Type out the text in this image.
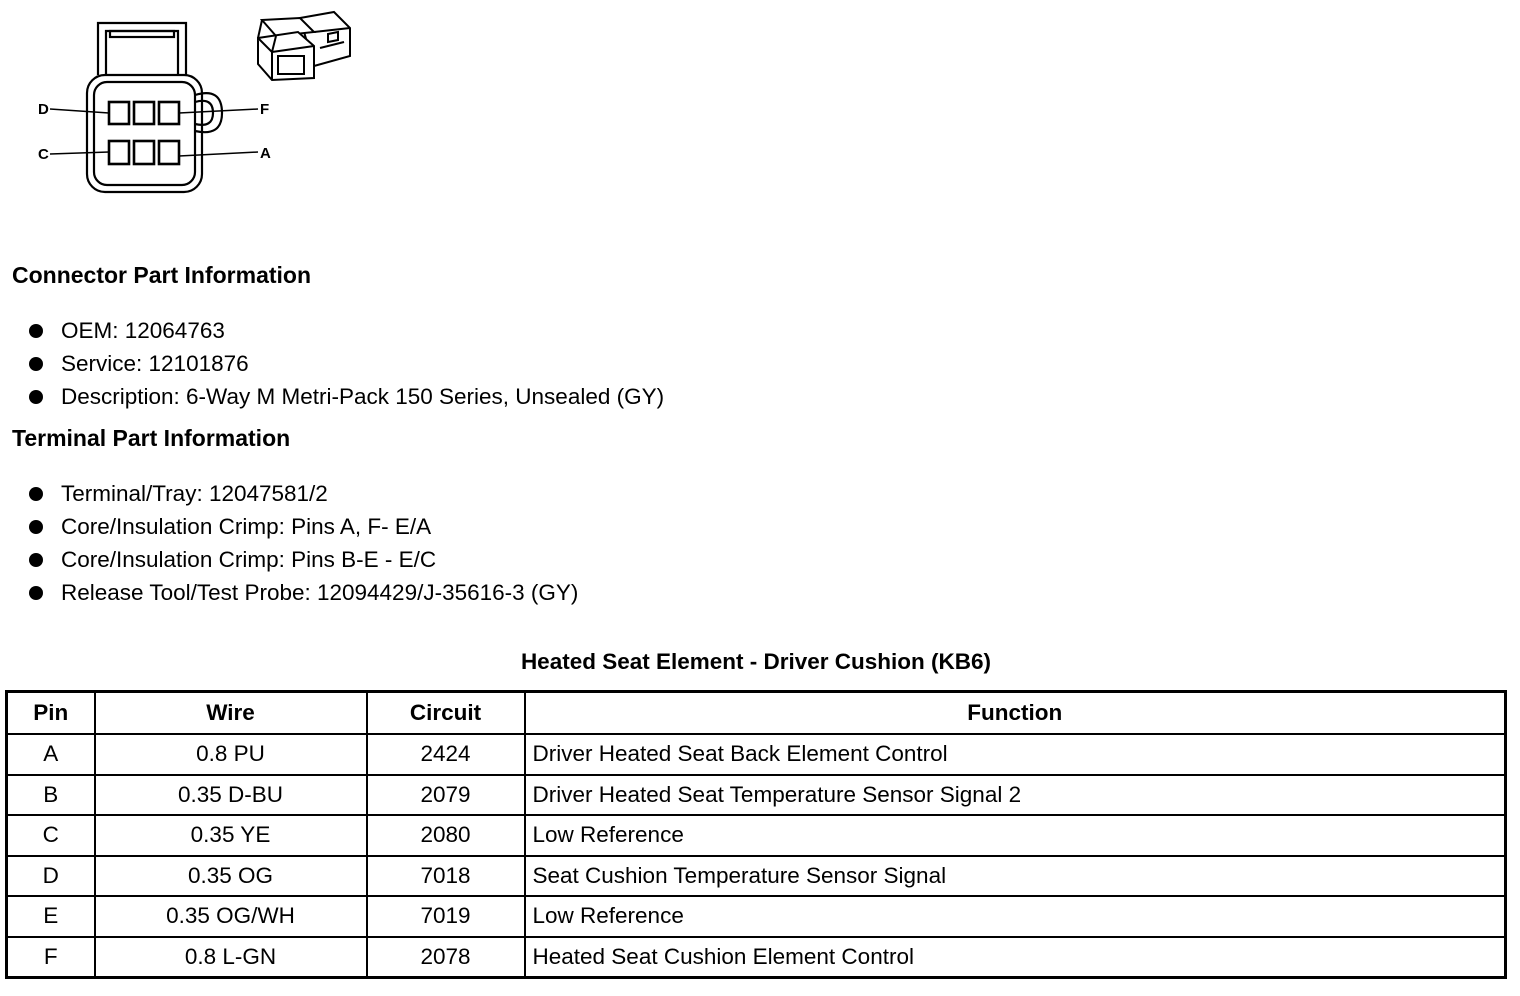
D	F
C	A
Connector Part Information
OEM: 12064763
Service: 12101876
Description: 6-Way M Metri-Pack 150 Series, Unsealed (GY)
Terminal Part Information
Terminal/Tray: 12047581/2
Core/Insulation Crimp: Pins A, F- E/A
Core/Insulation Crimp: Pins B-E - E/C
Release Tool/Test Probe: 12094429/J-35616-3 (GY)
Heated Seat Element - Driver Cushion (KB6)
Pin	Wire	Circuit	Function
A	0.8 PU	2424	Driver Heated Seat Back Element Control
B	0.35 D-BU	2079	Driver Heated Seat Temperature Sensor Signal 2
C	0.35 YE	2080	Low Reference
D	0.35 OG	7018	Seat Cushion Temperature Sensor Signal
E	0.35 OG/WH	7019	Low Reference
F	0.8 L-GN	2078	Heated Seat Cushion Element Control
